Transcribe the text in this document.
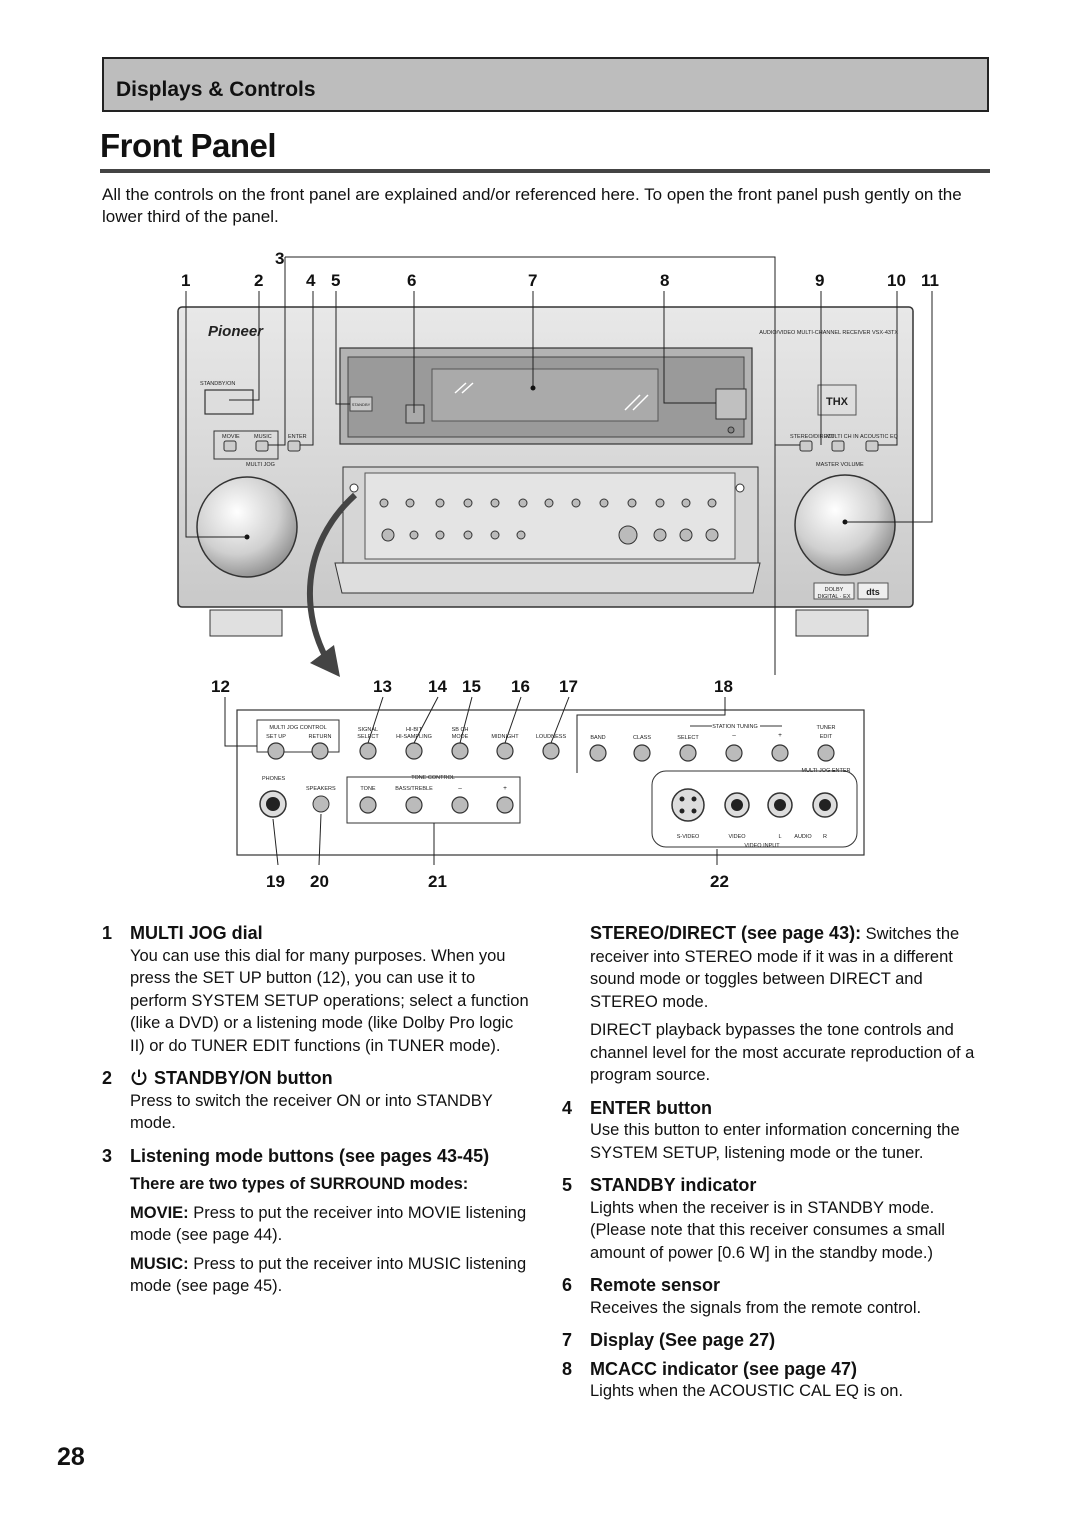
Displays & Controls
Front Panel
All the controls on the front panel are explained and/or referenced here. To open the front panel push gently on the lower third of the panel.
1	2
3
4 5	6	7	8	9	10 11
Pioneer	AUDIO/VIDEO MULTI-CHANNEL RECEIVER VSX-43TX
STANDBY
STANDBY/ON
MOVIE	MUSIC	ENTER
MULTI JOG
STEREO/DIRECT
MULTI CH IN ACOUSTIC EQ
MASTER VOLUME
THX
DOLBY
DIGITAL · EX dts
12	13 14 15 16 17	18
MULTI JOG CONTROL
SET UP	RETURN
SIGNAL
SELECT
HI-BIT
HI-SAMPLING
SB CH
MODE	MIDNIGHT	LOUDNESS
STATION TUNING
BAND	CLASS	SELECT	–	+
TUNER
EDIT
MULTI JOG ENTER
PHONES
SPEAKERS
TONE CONTROL
TONE	BASS/TREBLE	–	+
S-VIDEO	VIDEO	L AUDIO R
VIDEO INPUT
19 20	21	22
1 MULTI JOG dial
You can use this dial for many purposes. When you press the SET UP button (12), you can use it to perform SYSTEM SETUP operations; select a function (like a DVD) or a listening mode (like Dolby Pro logic II) or do TUNER EDIT functions (in TUNER mode).
2	STANDBY/ON button
Press to switch the receiver ON or into STANDBY mode.
3 Listening mode buttons (see pages 43-45)
There are two types of SURROUND modes:
MOVIE: Press to put the receiver into MOVIE listening mode (see page 44).
MUSIC: Press to put the receiver into MUSIC listening mode (see page 45).
STEREO/DIRECT (see page 43): Switches the receiver into STEREO mode if it was in a different sound mode or toggles between DIRECT and STEREO mode.
DIRECT playback bypasses the tone controls and channel level for the most accurate reproduction of a program source.
4 ENTER button
Use this button to enter information concerning the SYSTEM SETUP, listening mode or the tuner.
5 STANDBY indicator
Lights when the receiver is in STANDBY mode. (Please note that this receiver consumes a small amount of power [0.6 W] in the standby mode.)
6 Remote sensor
Receives the signals from the remote control.
7 Display (See page 27)
8 MCACC indicator (see page 47)
Lights when the ACOUSTIC CAL EQ is on.
28
